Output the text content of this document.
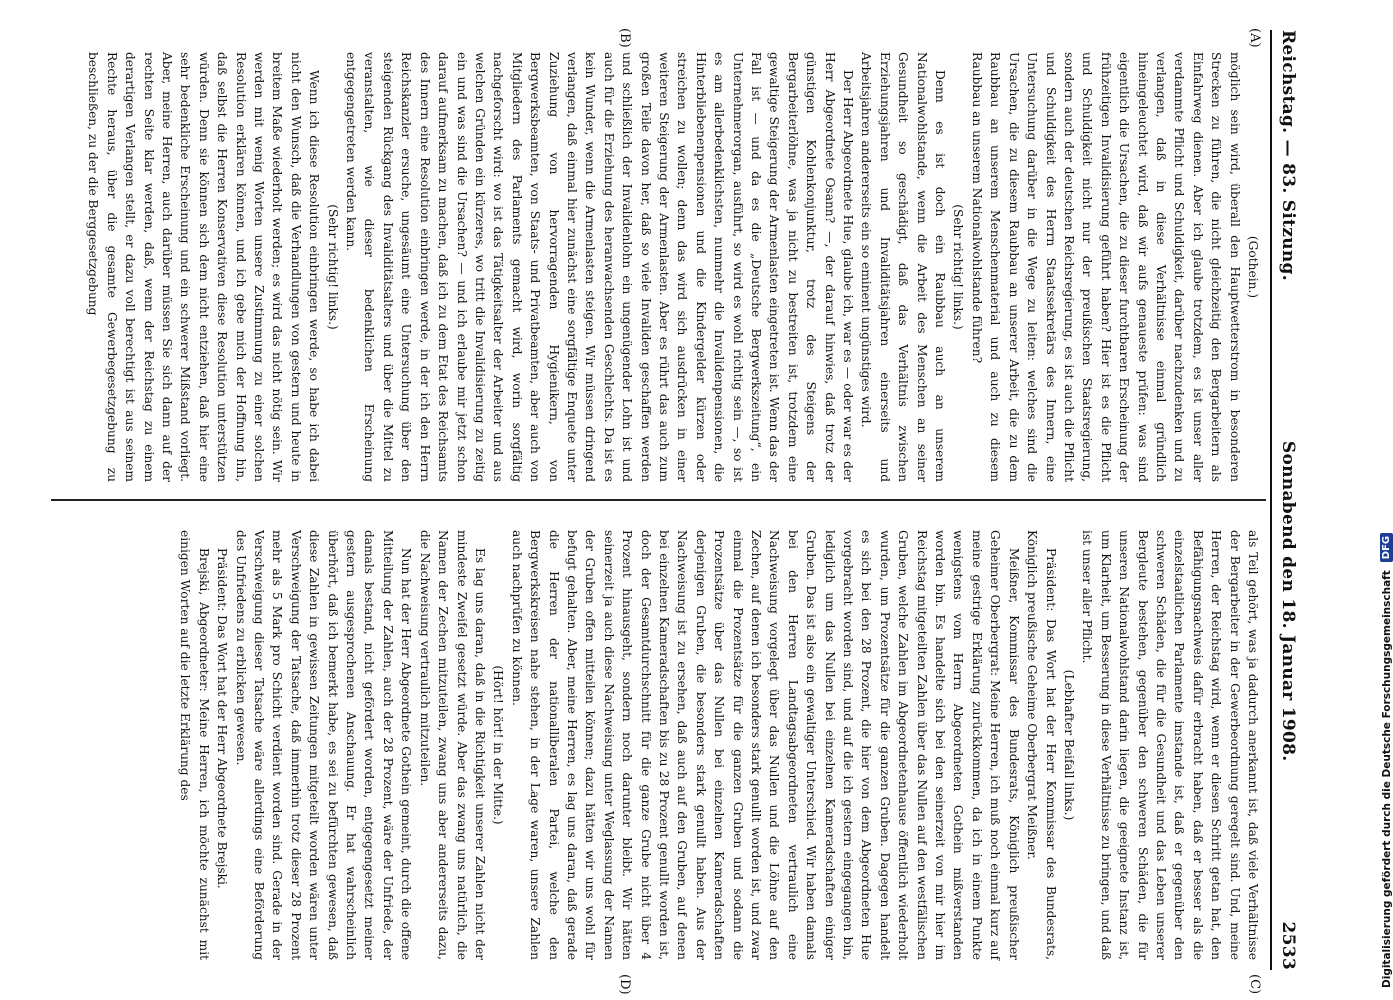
Reichstag. — 83. Sitzung.
Sonnabend den 18. Januar 1908.
2533
(A)
(B)
(C)
(D)

(Gothein.)

möglich sein wird, überall den Hauptwetterstrom in besonderen Strecken zu führen, die nicht gleichzeitig den Bergarbeitern als Einfahrweg dienen. Aber ich glaube trotzdem, es ist unser aller verdammte Pflicht und Schuldigkeit, darüber nachzudenken und zu verlangen, daß in diese Verhältnisse einmal gründlich hineingeleuchtet wird, daß wir aufs genaueste prüfen: was sind eigentlich die Ursachen, die zu dieser furchtbaren Erscheinung der frühzeitigen Invalidisierung geführt haben? Hier ist es die Pflicht und Schuldigkeit nicht nur der preußischen Staatsregierung, sondern auch der deutschen Reichsregierung, es ist auch die Pflicht und Schuldigkeit des Herrn Staatssekretärs des Innern, eine Untersuchung darüber in die Wege zu leiten: welches sind die Ursachen, die zu diesem Raubbau an unserer Arbeit, die zu dem Raubbau an unserem Menschenmaterial und auch zu diesem Raubbau an unserem Nationalwohlstande führen?

(Sehr richtig! links.)

Denn es ist doch ein Raubbau auch an unserem Nationalwohlstande, wenn die Arbeit des Menschen an seiner Gesundheit so geschädigt, daß das Verhältnis zwischen Erziehungsjahren und Invaliditätsjahren einerseits und Arbeitsjahren andererseits ein so eminent ungünstiges wird.

Der Herr Abgeordnete Hue, glaube ich, war es — oder war es der Herr Abgeordnete Osann? —, der darauf hinwies, daß trotz der günstigen Kohlenkonjunktur, trotz des Steigens der Bergarbeiterlöhne, was ja nicht zu bestreiten ist, trotzdem eine gewaltige Steigerung der Armenlasten eingetreten ist. Wenn das der Fall ist — und da es die „Deutsche Bergwerkszeitung“, ein Unternehmerorgan, ausführt, so wird es wohl richtig sein —, so ist es am allerbedenklichsten, nunmehr die Invalidenpensionen, die Hinterbliebenenpensionen und die Kindergelder kürzen oder streichen zu wollen; denn das wird sich ausdrücken in einer weiteren Steigerung der Armenlasten. Aber es rührt das auch zum großen Teile davon her, daß so viele Invaliden geschaffen werden und schließlich der Invalidenlohn ein ungenügender Lohn ist und auch für die Erziehung des heranwachsenden Geschlechts. Da ist es kein Wunder, wenn die Armenlasten steigen. Wir müssen dringend verlangen, daß einmal hier zunächst eine sorgfältige Enquete unter Zuziehung von hervorragenden Hygienikern, von Bergwerksbeamten, von Staats- und Privatbeamten, aber auch von Mitgliedern des Parlaments gemacht wird, worin sorgfältig nachgeforscht wird: wo ist das Tätigkeitsalter der Arbeiter und aus welchen Gründen ein kürzeres, wo tritt die Invalidisierung zu zeitig ein und was sind die Ursachen? — und ich erlaube mir jetzt schon darauf aufmerksam zu machen, daß ich zu dem Etat des Reichsamts des Innern eine Resolution einbringen werde, in der ich den Herrn Reichskanzler ersuche, ungesäumt eine Untersuchung über den steigenden Rückgang des Invaliditätsalters und über die Mittel zu veranstalten, wie dieser bedenklichen Erscheinung entgegengetreten werden kann.

(Sehr richtig! links.)

Wenn ich diese Resolution einbringen werde, so habe ich dabei nicht den Wunsch, daß die Verhandlungen von gestern und heute in breitem Maße wiederholt werden; es wird das nicht nötig sein. Wir werden mit wenig Worten unsere Zustimmung zu einer solchen Resolution erklären können, und ich gebe mich der Hoffnung hin, daß selbst die Herren Konservativen diese Resolution unterstützen würden. Denn sie können sich dem nicht entziehen, daß hier eine sehr bedenkliche Erscheinung und ein schwerer Mißstand vorliegt. Aber, meine Herren, auch darüber müssen Sie sich dann auf der rechten Seite klar werden, daß, wenn der Reichstag zu einem derartigen Verlangen stellt, er dazu voll berechtigt ist aus seinem Rechte heraus, über die gesamte Gewerbegesetzgebung zu beschließen, zu der die Berggesetzgebung

als Teil gehört, was ja dadurch anerkannt ist, daß viele Verhältnisse der Bergarbeiter in der Gewerbeordnung geregelt sind. Und, meine Herren, der Reichstag wird, wenn er diesen Schritt getan hat, den Befähigungsnachweis dafür erbracht haben, daß er besser als die einzelstaatlichen Parlamente imstande ist, daß er gegenüber den schweren Schäden, die für die Gesundheit und das Leben unserer Bergleute bestehen, gegenüber den schweren Schäden, die für unseren Nationalwohlstand darin liegen, die geeignete Instanz ist, um Klarheit, um Besserung in diese Verhältnisse zu bringen, und daß ist unser aller Pflicht.

(Lebhafter Beifall links.)

Präsident: Das Wort hat der Herr Kommissar des Bundesrats, Königlich preußische Geheime Oberbergrat Meißner.

Meißner, Kommissar des Bundesrats, Königlich preußischer Geheimer Oberbergrat: Meine Herren, ich muß noch einmal kurz auf meine gestrige Erklärung zurückkommen, da ich in einem Punkte wenigstens vom Herrn Abgeordneten Gothein mißverstanden worden bin. Es handelte sich bei den seinerzeit von mir hier im Reichstag mitgeteilten Zahlen über das Nullen auf den westfälischen Gruben, welche Zahlen im Abgeordnetenhause öffentlich wiederholt wurden, um Prozentsätze für die ganzen Gruben. Dagegen handelt es sich bei den 28 Prozent, die hier von dem Abgeordneten Hue vorgebracht worden sind, und auf die ich gestern eingegangen bin, lediglich um das Nullen bei einzelnen Kameradschaften einiger Gruben. Das ist also ein gewaltiger Unterschied. Wir haben damals bei den Herren Landtagsabgeordneten vertraulich eine Nachweisung vorgelegt über das Nullen und die Löhne auf den Zechen, auf denen ich besonders stark genullt worden ist, und zwar einmal die Prozentsätze für die ganzen Gruben und sodann die Prozentsätze über das Nullen bei einzelnen Kameradschaften derjenigen Gruben, die besonders stark genullt haben. Aus der Nachweisung ist zu ersehen, daß auch auf den Gruben, auf denen bei einzelnen Kameradschaften bis zu 28 Prozent genullt worden ist, doch der Gesamtdurchschnitt für die ganze Grube nicht über 4 Prozent hinausgeht, sondern noch darunter bleibt. Wir hätten seinerzeit ja auch diese Nachweisung unter Weglassung der Namen der Gruben offen mitteilen können; dazu hätten wir uns wohl für befugt gehalten. Aber, meine Herren, es lag uns daran, daß gerade die Herren der nationalliberalen Partei, welche den Bergwerkskreisen nahe stehen, in der Lage waren, unsere Zahlen auch nachprüfen zu können.

(Hört! hört! in der Mitte.)

Es lag uns daran, daß in die Richtigkeit unserer Zahlen nicht der mindeste Zweifel gesetzt würde. Aber das zwang uns natürlich, die Namen der Zechen mitzuteilen, zwang uns aber andererseits dazu, die Nachweisung vertraulich mitzuteilen.

Nun hat der Herr Abgeordnete Gothein gemeint, durch die offene Mitteilung der Zahlen, auch der 28 Prozent, wäre der Unfriede, der damals bestand, nicht gefördert worden, entgegengesetzt meiner gestern ausgesprochenen Anschauung. Er hat wahrscheinlich überhört, daß ich bemerkt habe, es sei zu befürchten gewesen, daß diese Zahlen in gewissen Zeitungen mitgeteilt worden wären unter Verschweigung der Tatsache, daß immerhin trotz dieser 28 Prozent mehr als 5 Mark pro Schicht verdient worden sind. Gerade in der Verschweigung dieser Tatsache wäre allerdings eine Beförderung des Unfriedens zu erblicken gewesen.

Präsident: Das Wort hat der Herr Abgeordnete Brejski.

Brejski, Abgeordneter: Meine Herren, ich möchte zunächst mit einigen Worten auf die letzte Erklärung des	Digitalisierung gefördert durch die Deutsche Forschungsgemeinschaft
DFG
